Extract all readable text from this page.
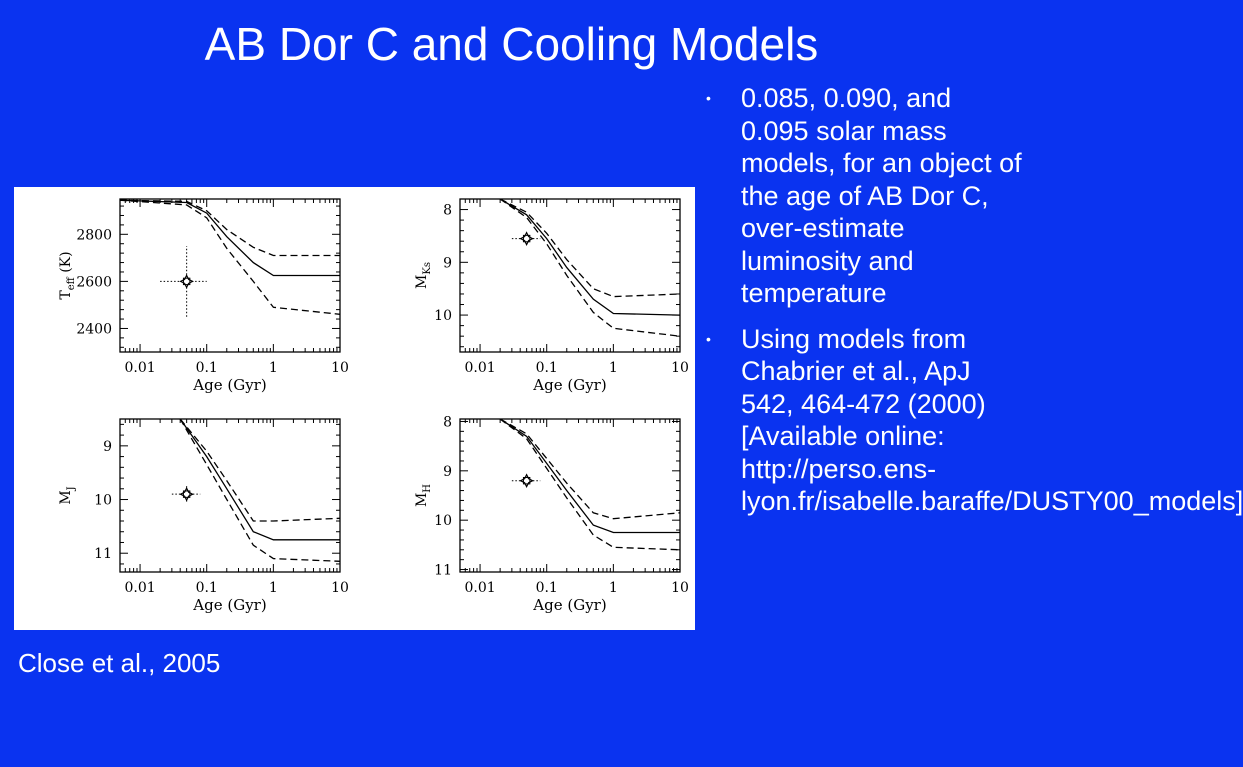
AB Dor C and Cooling Models
0.01	0.1	1	10
2400
2600
2800
Age (Gyr)
$T_{eff}$ (K)
0.01	0.1	1	10
8
9
10
Age (Gyr)
$M_{Ks}$
0.01	0.1	1	10
9
10
11
Age (Gyr)
$M_J$
0.01	0.1	1	10
8
9
10
11
Age (Gyr)
$M_H$
Close et al., 2005
• 0.085, 0.090, and 0.095 solar mass models, for an object of the age of AB Dor C, over-estimate luminosity and temperature
• Using models from Chabrier et al., ApJ 542, 464-472 (2000) [Available online: http://perso.ens-lyon.fr/isabelle.baraffe/DUSTY00_models]
